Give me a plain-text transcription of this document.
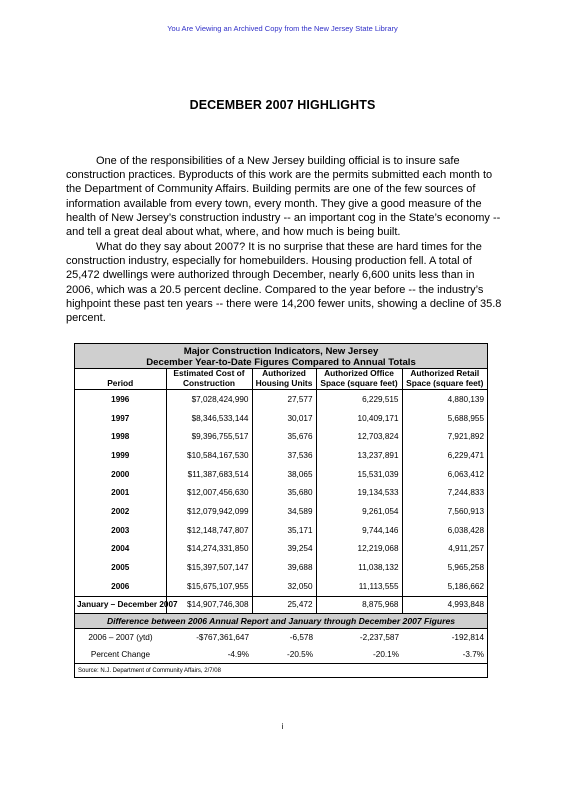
You Are Viewing an Archived Copy from the New Jersey State Library
DECEMBER 2007 HIGHLIGHTS

One of the responsibilities of a New Jersey building official is to insure safe construction practices. Byproducts of this work are the permits submitted each month to the Department of Community Affairs. Building permits are one of the few sources of information available from every town, every month. They give a good measure of the health of New Jersey’s construction industry -- an important cog in the State’s economy -- and tell a great deal about what, where, and how much is being built.

What do they say about 2007? It is no surprise that these are hard times for the construction industry, especially for homebuilders. Housing production fell. A total of 25,472 dwellings were authorized through December, nearly 6,600 units less than in 2006, which was a 20.5 percent decline. Compared to the year before -- the industry’s highpoint these past ten years -- there were 14,200 fewer units, showing a decline of 35.8 percent.

Major Construction Indicators, New Jersey
December Year-to-Date Figures Compared to Annual Totals				

Period	Estimated Cost of Construction	Authorized Housing Units	Authorized Office Space (square feet)	Authorized Retail Space (square feet)
1996	$7,028,424,990	27,577	6,229,515	4,880,139
1997	$8,346,533,144	30,017	10,409,171	5,688,955
1998	$9,396,755,517	35,676	12,703,824	7,921,892
1999	$10,584,167,530	37,536	13,237,891	6,229,471
2000	$11,387,683,514	38,065	15,531,039	6,063,412
2001	$12,007,456,630	35,680	19,134,533	7,244,833
2002	$12,079,942,099	34,589	9,261,054	7,560,913
2003	$12,148,747,807	35,171	9,744,146	6,038,428
2004	$14,274,331,850	39,254	12,219,068	4,911,257
2005	$15,397,507,147	39,688	11,038,132	5,965,258
2006	$15,675,107,955	32,050	11,113,555	5,186,662
January – December 2007	$14,907,746,308	25,472	8,875,968	4,993,848
Difference between 2006 Annual Report and January through December 2007 Figures				
2006 – 2007 (ytd)	-$767,361,647	-6,578	-2,237,587	-192,814
Percent Change	-4.9%	-20.5%	-20.1%	-3.7%
Source: N.J. Department of Community Affairs, 2/7/08				
i
